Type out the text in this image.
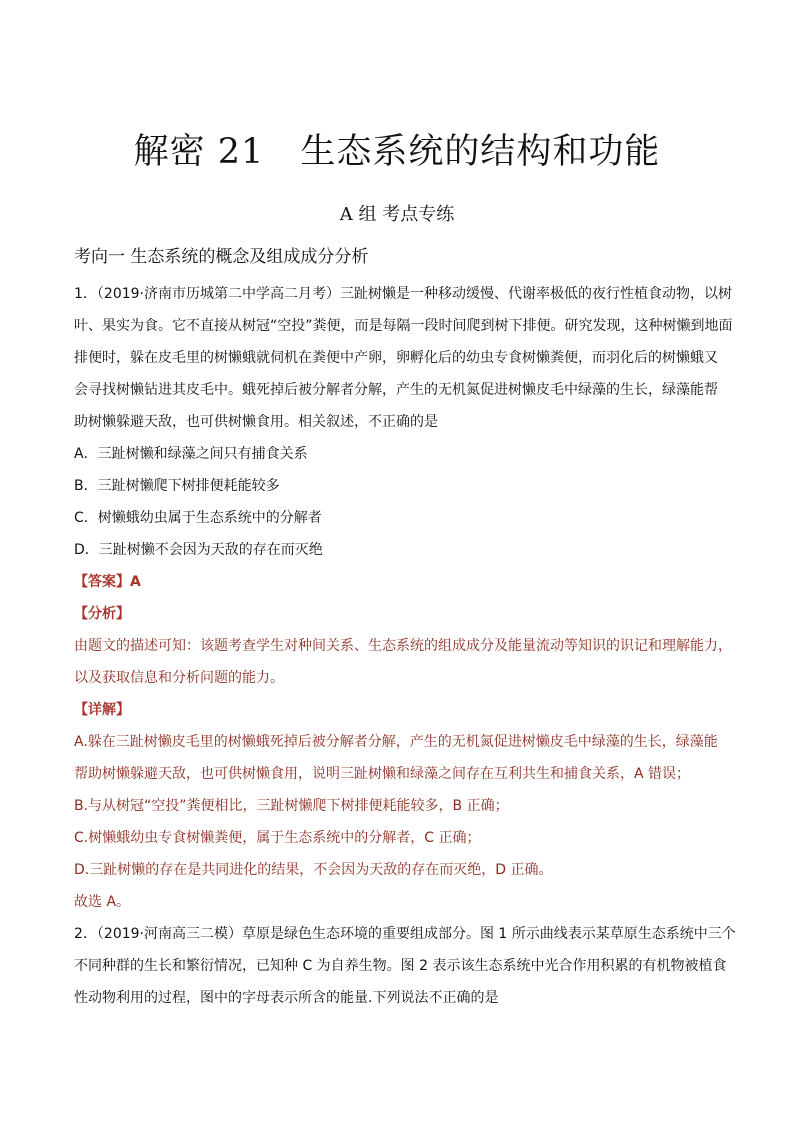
解密 21　生态系统的结构和功能
A 组 考点专练
考向一 生态系统的概念及组成成分分析
1．（2019·济南市历城第二中学高二月考）三趾树懒是一种移动缓慢、代谢率极低的夜行性植食动物，以树
叶、果实为食。它不直接从树冠“空投”粪便，而是每隔一段时间爬到树下排便。研究发现，这种树懒到地面
排便时，躲在皮毛里的树懒蛾就伺机在粪便中产卵，卵孵化后的幼虫专食树懒粪便，而羽化后的树懒蛾又
会寻找树懒钻进其皮毛中。蛾死掉后被分解者分解，产生的无机氮促进树懒皮毛中绿藻的生长，绿藻能帮
助树懒躲避天敌，也可供树懒食用。相关叙述，不正确的是
A．三趾树懒和绿藻之间只有捕食关系
B．三趾树懒爬下树排便耗能较多
C．树懒蛾幼虫属于生态系统中的分解者
D．三趾树懒不会因为天敌的存在而灭绝
【答案】A
【分析】
由题文的描述可知：该题考查学生对种间关系、生态系统的组成成分及能量流动等知识的识记和理解能力，
以及获取信息和分析问题的能力。
【详解】
A.躲在三趾树懒皮毛里的树懒蛾死掉后被分解者分解，产生的无机氮促进树懒皮毛中绿藻的生长，绿藻能
帮助树懒躲避天敌，也可供树懒食用，说明三趾树懒和绿藻之间存在互利共生和捕食关系，A 错误；
B.与从树冠“空投”粪便相比，三趾树懒爬下树排便耗能较多，B 正确；
C.树懒蛾幼虫专食树懒粪便，属于生态系统中的分解者，C 正确；
D.三趾树懒的存在是共同进化的结果，不会因为天敌的存在而灭绝，D 正确。
故选 A。
2．（2019·河南高三二模）草原是绿色生态环境的重要组成部分。图 1 所示曲线表示某草原生态系统中三个
不同种群的生长和繁衍情况，已知种 C 为自养生物。图 2 表示该生态系统中光合作用积累的有机物被植食
性动物利用的过程，图中的字母表示所含的能量.下列说法不正确的是
